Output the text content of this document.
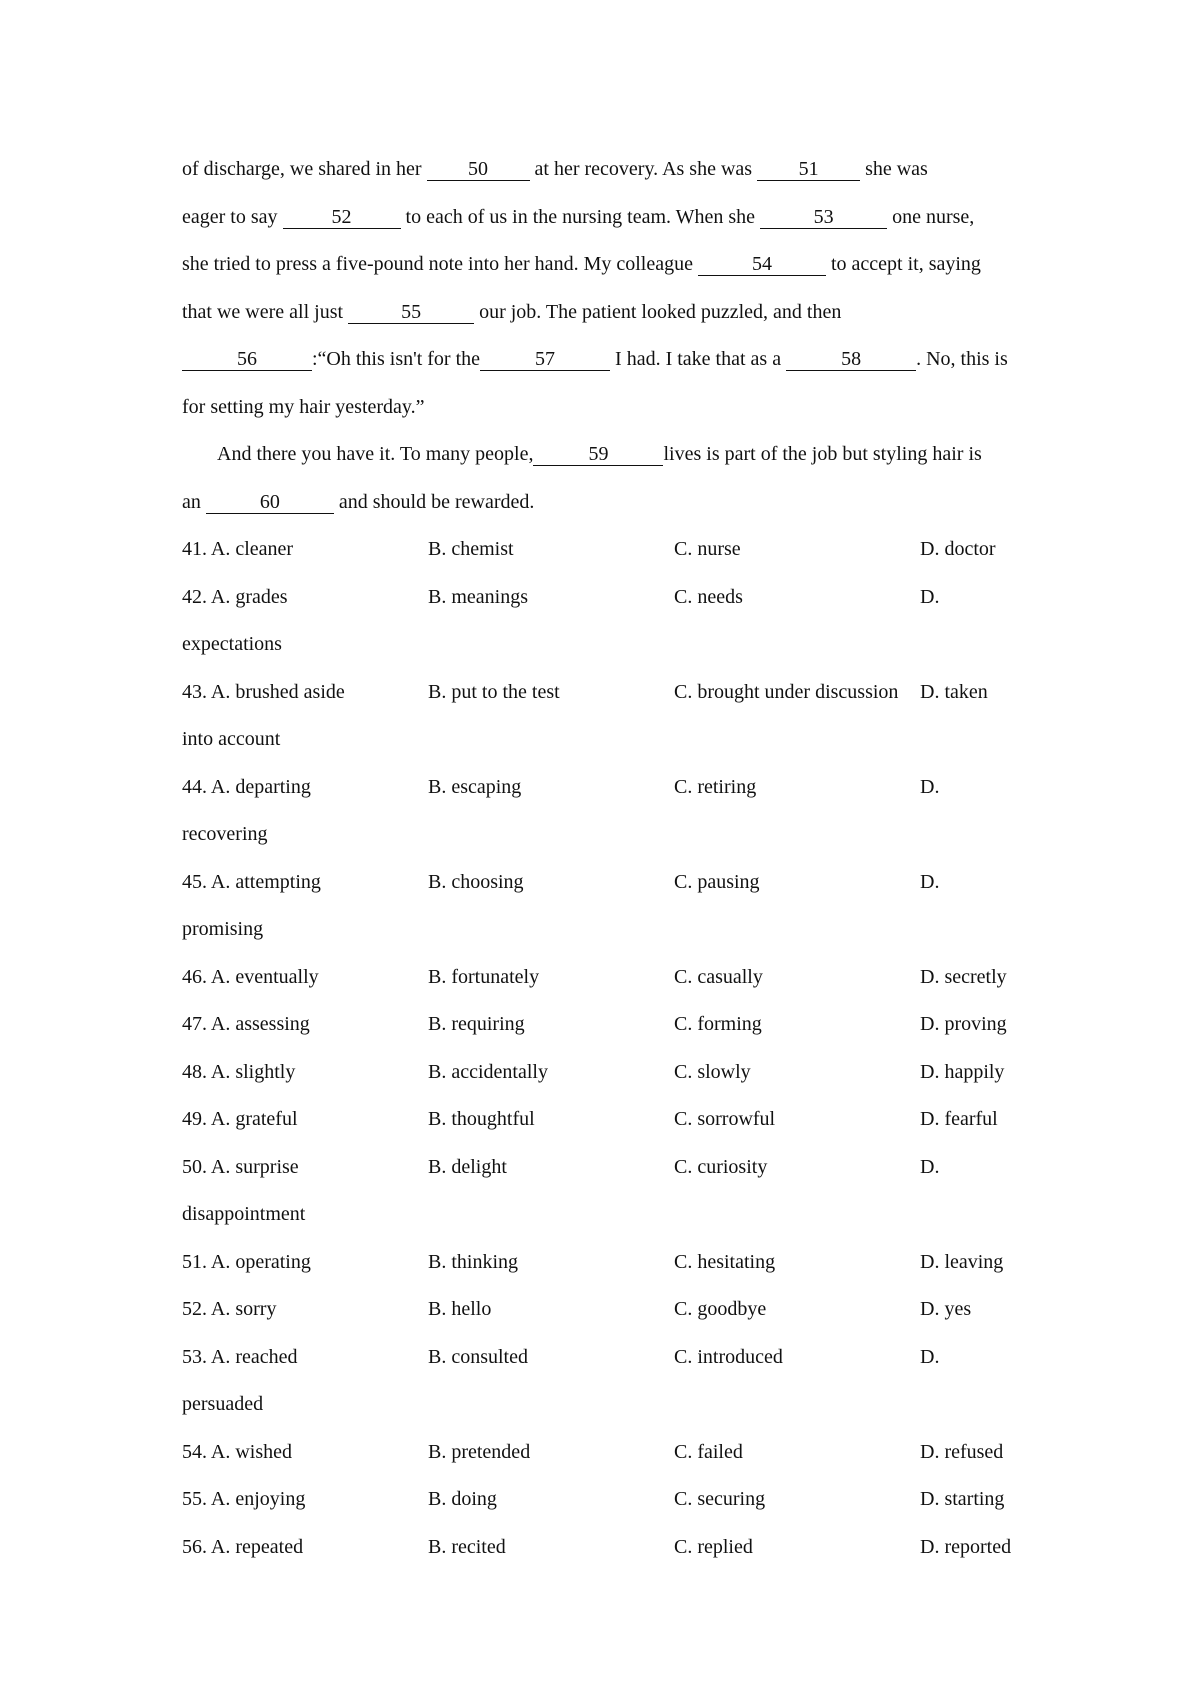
of discharge, we shared in her 50 at her recovery. As she was 51 she was
eager to say 52 to each of us in the nursing team. When she	53	one nurse,
she tried to press a five-pound note into her hand. My colleague	54	to accept it, saying
that we were all just	55	our job. The patient looked puzzled, and then
56	:“Oh this isn't for the	57	I had. I take that as a	58	. No, this is
for setting my hair yesterday.”
And there you have it. To many people,	59	lives is part of the job but styling hair is
an	60	and should be rewarded.
41. A. cleaner	B. chemist	C. nurse	D. doctor
42. A. grades	B. meanings	C. needs	D.
expectations
43. A. brushed aside	B. put to the test	C. brought under discussion D. taken
into account
44. A. departing	B. escaping	C. retiring	D.
recovering
45. A. attempting	B. choosing	C. pausing	D.
promising
46. A. eventually	B. fortunately	C. casually	D. secretly
47. A. assessing	B. requiring	C. forming	D. proving
48. A. slightly	B. accidentally	C. slowly	D. happily
49. A. grateful	B. thoughtful	C. sorrowful	D. fearful
50. A. surprise	B. delight	C. curiosity	D.
disappointment
51. A. operating	B. thinking	C. hesitating	D. leaving
52. A. sorry	B. hello	C. goodbye	D. yes
53. A. reached	B. consulted	C. introduced	D.
persuaded
54. A. wished	B. pretended	C. failed	D. refused
55. A. enjoying	B. doing	C. securing	D. starting
56. A. repeated	B. recited	C. replied	D. reported
